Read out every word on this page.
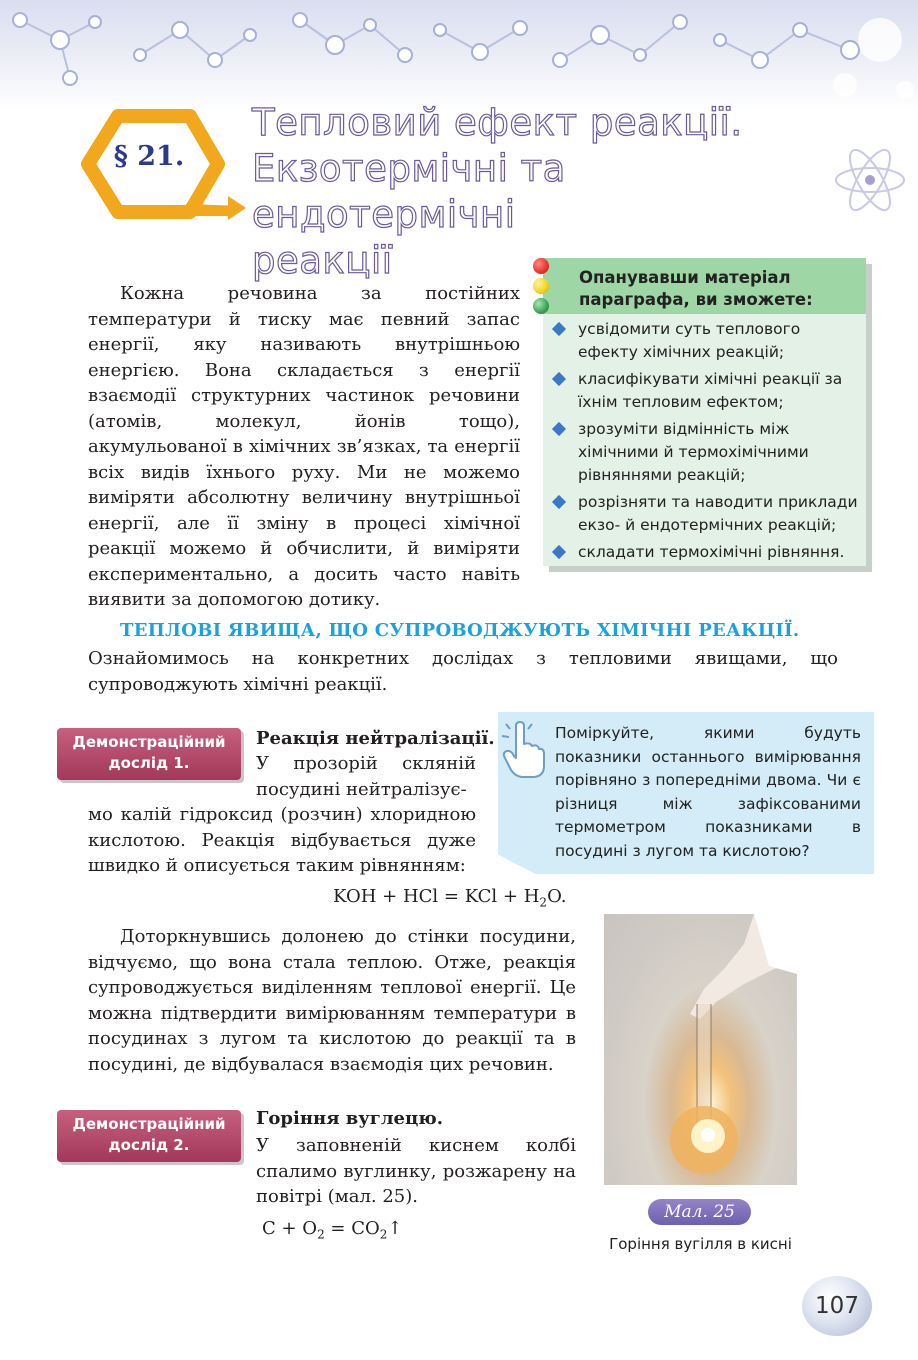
§ 21.
Тепловий ефект реакції.
Екзотермічні та ендотермічні
реакції

Кожна речовина за постійних температури й тиску має певний запас енергії, яку називають внутрішньою енергією. Вона складається з енергії взаємодії структурних частинок речовини (атомів, молекул, йонів тощо), акумульованої в хімічних зв’язках, та енергії всіх видів їхнього руху. Ми не можемо виміряти абсолютну величину внутрішньої енергії, але її зміну в процесі хімічної реакції можемо й обчислити, й виміряти експериментально, а досить часто навіть виявити за допомогою дотику.

Опанувавши матеріал
параграфа, ви зможете:
усвідомити суть теплового ефекту хімічних реакцій;
класифікувати хімічні реакції за їхнім тепловим ефектом;
зрозуміти відмінність між хімічними й термохімічними рівняннями реакцій;
розрізняти та наводити приклади екзо- й ендотермічних реакцій;
складати термохімічні рівняння.
ТЕПЛОВІ ЯВИЩА, ЩО СУПРОВОДЖУЮТЬ ХІМІЧНІ РЕАКЦІЇ.

Ознайомимось на конкретних дослідах з тепловими явищами, що супроводжують хімічні реакції.

Демонстраційний
дослід 1.
Реакція нейтралізації.

У прозорій скляній посудині нейтралізує-

мо калій гідроксид (розчин) хлоридною кислотою. Реакція відбувається дуже швидко й описується таким рівнянням:

Поміркуйте, якими будуть показники останнього вимірювання порівняно з попередніми двома. Чи є різниця між зафіксованими термометром показниками в посудині з лугом та кислотою?
KOH + HCl = KCl + $H_2O$.

Доторкнувшись долонею до стінки посудини, відчуємо, що вона стала теплою. Отже, реакція супроводжується виділенням теплової енергії. Це можна підтвердити вимірюванням температури в посудинах з лугом та кислотою до реакції та в посудині, де відбувалася взаємодія цих речовин.

Мал. 25
Горіння вугілля в кисні
Демонстраційний
дослід 2.
Горіння вуглецю.

У заповненій киснем колбі спалимо вуглинку, розжарену на повітрі (мал. 25).

$C + O_2$ = $CO_2↑$
107
